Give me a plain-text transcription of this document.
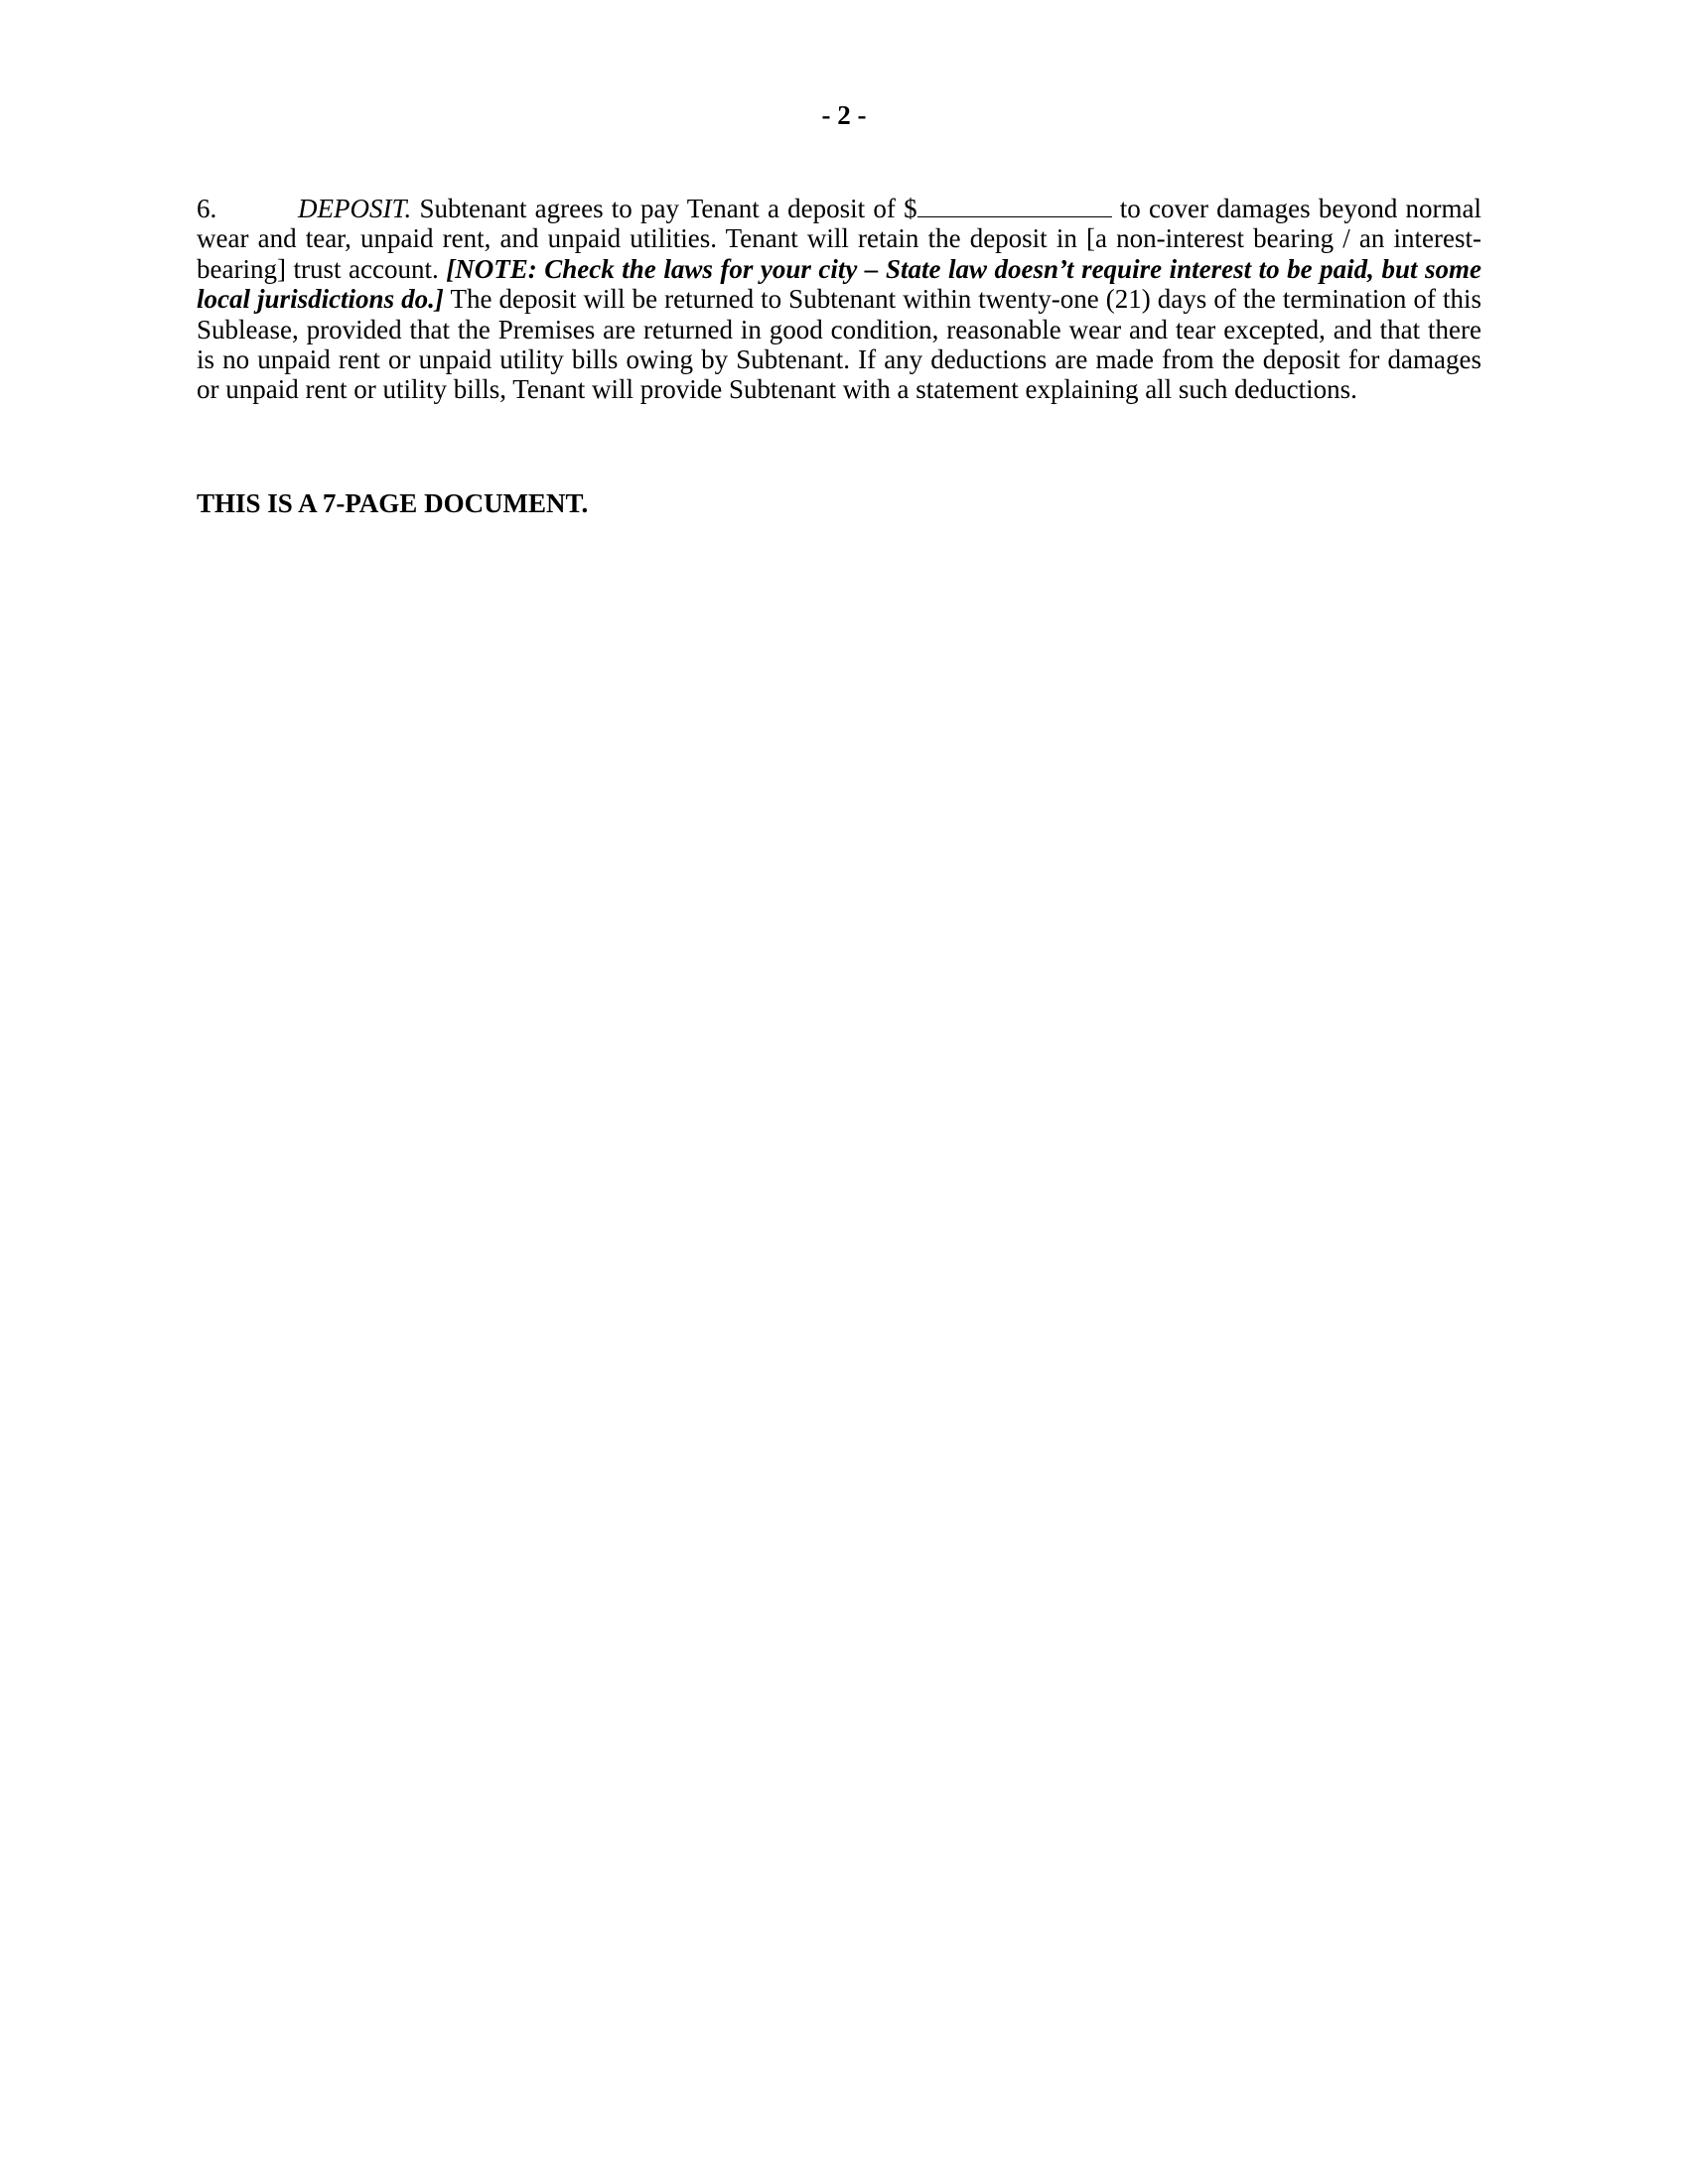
- 2 -
6.	DEPOSIT. Subtenant agrees to pay Tenant a deposit of $	to cover damages beyond normal wear and tear, unpaid rent, and unpaid utilities. Tenant will retain the deposit in [a non-interest bearing / an interest-bearing] trust account. [NOTE: Check the laws for your city – State law doesn’t require interest to be paid, but some local jurisdictions do.] The deposit will be returned to Subtenant within twenty-one (21) days of the termination of this Sublease, provided that the Premises are returned in good condition, reasonable wear and tear excepted, and that there is no unpaid rent or unpaid utility bills owing by Subtenant. If any deductions are made from the deposit for damages or unpaid rent or utility bills, Tenant will provide Subtenant with a statement explaining all such deductions.
THIS IS A 7-PAGE DOCUMENT.
